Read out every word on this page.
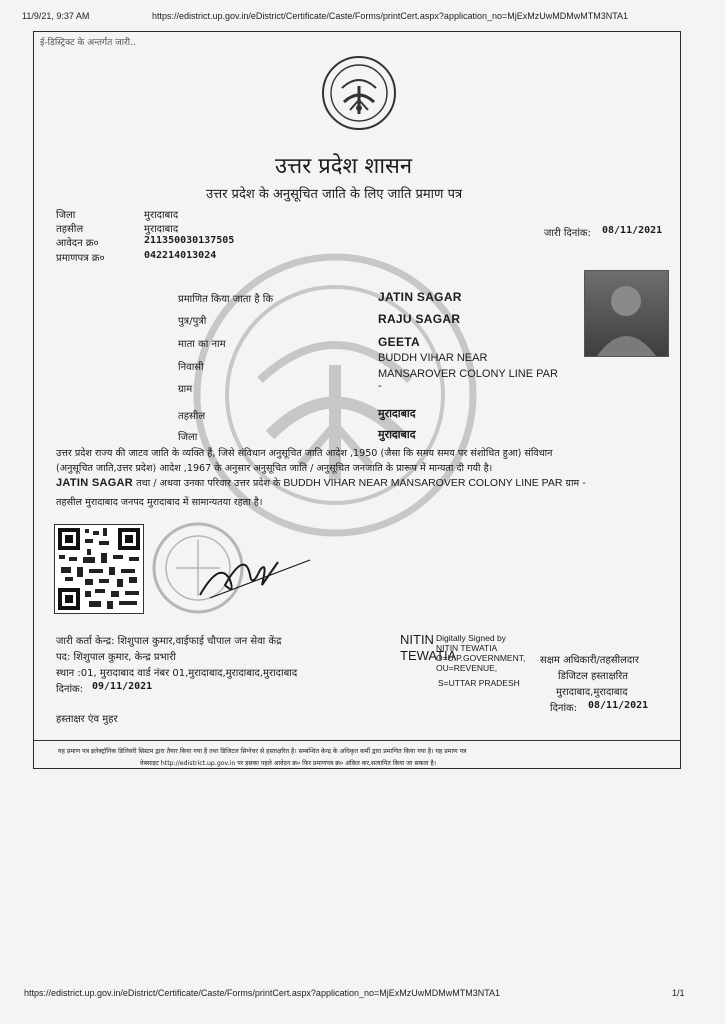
11/9/21, 9:37 AM	https://edistrict.up.gov.in/eDistrict/Certificate/Caste/Forms/printCert.aspx?application_no=MjExMzUwMDMwMTM3NTA1
ई-डिस्ट्रिक्ट के अन्तर्गत जारी..
उत्तर प्रदेश शासन
उत्तर प्रदेश के अनुसूचित जाति के लिए जाति प्रमाण पत्र
जिला	मुरादाबाद
तहसील	मुरादाबाद
आवेदन क्र०	211350030137505
प्रमाणपत्र क्र०	042214013024
जारी दिनांक: 08/11/2021
प्रमाणित किया जाता है कि	JATIN SAGAR
पुत्र/पुत्री	RAJU SAGAR
माता का नाम	GEETA
निवासी
BUDDH VIHAR NEAR
MANSAROVER COLONY LINE PAR
ग्राम	-
तहसील	मुरादाबाद
जिला	मुरादाबाद
उत्तर प्रदेश राज्य की जाटव जाति के व्यक्ति हैं, जिसे संविधान अनुसूचित जाति आदेश ,1950 (जैसा कि समय समय पर संशोधित हुआ) संविधान
(अनुसूचित जाति,उत्तर प्रदेश) आदेश ,1967 के अनुसार अनुसूचित जाति / अनुसूचित जनजाति के प्रारूप में मान्यता दी गयी है।
JATIN SAGAR तथा / अथवा उनका परिवार उत्तर प्रदेश के BUDDH VIHAR NEAR MANSAROVER COLONY LINE PAR ग्राम -
तहसील मुरादाबाद जनपद मुरादाबाद में सामान्यतया रहता है।
जारी कर्ता केन्द्र: शिशुपाल कुमार,वाईफाई चौपाल जन सेवा केंद्र
पद: शिशुपाल कुमार, केन्द्र प्रभारी
स्थान :01, मुरादाबाद वार्ड नंबर 01,मुरादाबाद,मुरादाबाद,मुरादाबाद
दिनांक: 09/11/2021
हस्ताक्षर एंव मुहर
NITIN
TEWATIA
Digitally Signed by
NITIN TEWATIA
O=U.P.GOVERNMENT,
OU=REVENUE,
S=UTTAR PRADESH
सक्षम अधिकारी/तहसीलदार
डिजिटल हस्ताक्षरित
मुरादाबाद,मुरादाबाद
दिनांक: 08/11/2021
यह प्रमाण पत्र इलेक्ट्रॉनिक डिलिवरी सिस्टम द्वारा तैयार किया गया है तथा डिजिटल सिग्नेचर से हस्ताक्षरित है। सम्बन्धित केन्द्र के अधिकृत कर्मी द्वारा प्रमाणित किया गया है। यह प्रमाण पत्र
वेबसाइट http://edistrict.up.gov.in पर इसका पहले आवेदन क्र० फिर प्रमाणपत्र क्र० अंकित कर,सत्यापित किया जा सकता है।
https://edistrict.up.gov.in/eDistrict/Certificate/Caste/Forms/printCert.aspx?application_no=MjExMzUwMDMwMTM3NTA1	1/1
